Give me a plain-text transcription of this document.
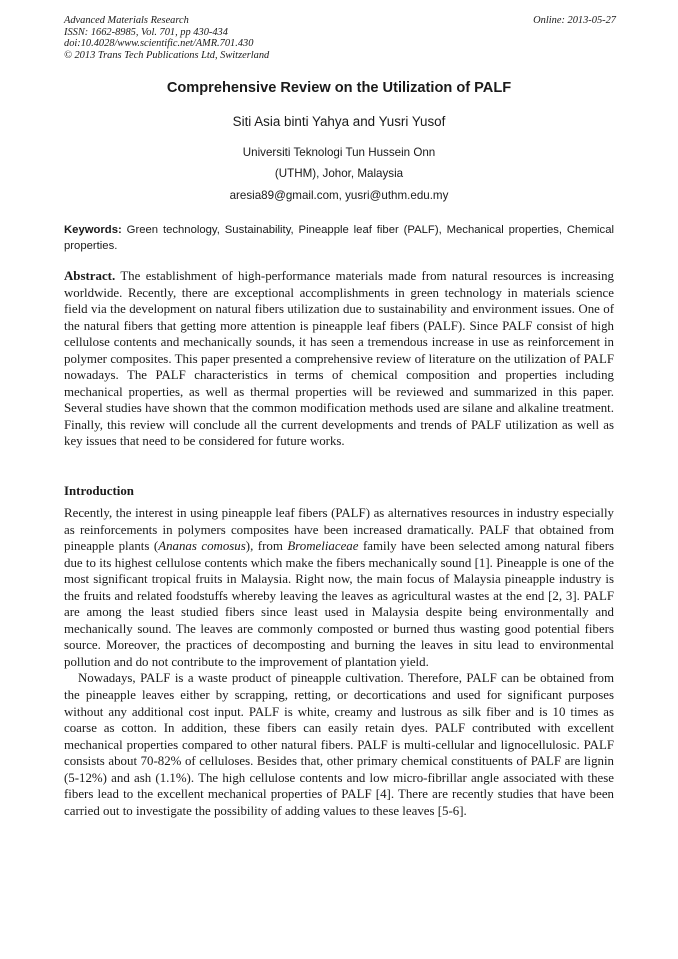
Advanced Materials Research
ISSN: 1662-8985, Vol. 701, pp 430-434
doi:10.4028/www.scientific.net/AMR.701.430
© 2013 Trans Tech Publications Ltd, Switzerland
Online: 2013-05-27
Comprehensive Review on the Utilization of PALF
Siti Asia binti Yahya and Yusri Yusof
Universiti Teknologi Tun Hussein Onn
(UTHM), Johor, Malaysia
aresia89@gmail.com, yusri@uthm.edu.my
Keywords: Green technology, Sustainability, Pineapple leaf fiber (PALF), Mechanical properties, Chemical properties.

Abstract. The establishment of high-performance materials made from natural resources is increasing worldwide. Recently, there are exceptional accomplishments in green technology in materials science field via the development on natural fibers utilization due to sustainability and environment issues. One of the natural fibers that getting more attention is pineapple leaf fibers (PALF). Since PALF consist of high cellulose contents and mechanically sounds, it has seen a tremendous increase in use as reinforcement in polymer composites. This paper presented a comprehensive review of literature on the utilization of PALF nowadays. The PALF characteristics in terms of chemical composition and properties including mechanical properties, as well as thermal properties will be reviewed and summarized in this paper. Several studies have shown that the common modification methods used are silane and alkaline treatment. Finally, this review will conclude all the current developments and trends of PALF utilization as well as key issues that need to be considered for future works.

Introduction

Recently, the interest in using pineapple leaf fibers (PALF) as alternatives resources in industry especially as reinforcements in polymers composites have been increased dramatically. PALF that obtained from pineapple plants (Ananas comosus), from Bromeliaceae family have been selected among natural fibers due to its highest cellulose contents which make the fibers mechanically sound [1]. Pineapple is one of the most significant tropical fruits in Malaysia. Right now, the main focus of Malaysia pineapple industry is the fruits and related foodstuffs whereby leaving the leaves as agricultural wastes at the end [2, 3]. PALF are among the least studied fibers since least used in Malaysia despite being environmentally and mechanically sound. The leaves are commonly composted or burned thus wasting good potential fibers source. Moreover, the practices of decomposting and burning the leaves in situ lead to environmental pollution and do not contribute to the improvement of plantation yield.

Nowadays, PALF is a waste product of pineapple cultivation. Therefore, PALF can be obtained from the pineapple leaves either by scrapping, retting, or decortications and used for significant purposes without any additional cost input. PALF is white, creamy and lustrous as silk fiber and is 10 times as coarse as cotton. In addition, these fibers can easily retain dyes. PALF contributed with excellent mechanical properties compared to other natural fibers. PALF is multi-cellular and lignocellulosic. PALF consists about 70-82% of celluloses. Besides that, other primary chemical constituents of PALF are lignin (5-12%) and ash (1.1%). The high cellulose contents and low micro-fibrillar angle associated with these fibers lead to the excellent mechanical properties of PALF [4]. There are recently studies that have been carried out to investigate the possibility of adding values to these leaves [5-6].
